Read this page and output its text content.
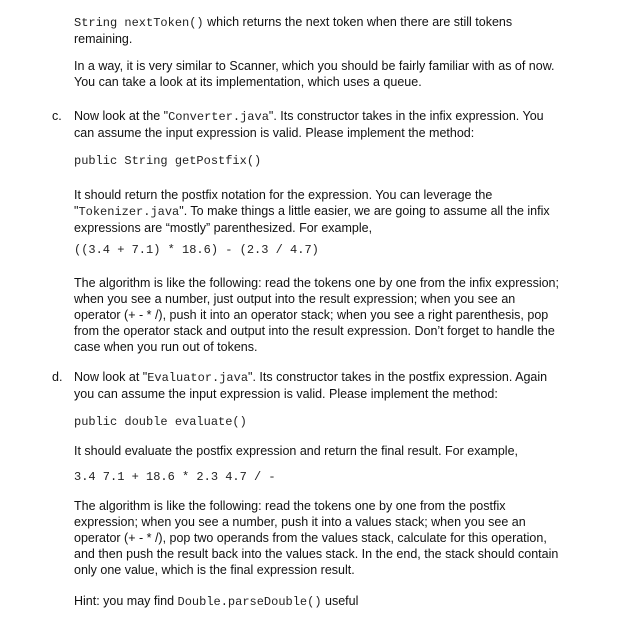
String nextToken() which returns the next token when there are still tokens remaining.

In a way, it is very similar to Scanner, which you should be fairly familiar with as of now. You can take a look at its implementation, which uses a queue.

c. Now look at the "Converter.java". Its constructor takes in the infix expression. You can assume the input expression is valid. Please implement the method:

public String getPostfix()

It should return the postfix notation for the expression. You can leverage the "Tokenizer.java". To make things a little easier, we are going to assume all the infix expressions are “mostly” parenthesized. For example,

((3.4 + 7.1) * 18.6) - (2.3 / 4.7)

The algorithm is like the following: read the tokens one by one from the infix expression; when you see a number, just output into the result expression; when you see an operator (+ - * /), push it into an operator stack; when you see a right parenthesis, pop from the operator stack and output into the result expression. Don’t forget to handle the case when you run out of tokens.

d. Now look at "Evaluator.java". Its constructor takes in the postfix expression. Again you can assume the input expression is valid. Please implement the method:

public double evaluate()

It should evaluate the postfix expression and return the final result. For example,

3.4 7.1 + 18.6 * 2.3 4.7 / -

The algorithm is like the following: read the tokens one by one from the postfix expression; when you see a number, push it into a values stack; when you see an operator (+ - * /), pop two operands from the values stack, calculate for this operation, and then push the result back into the values stack. In the end, the stack should contain only one value, which is the final expression result.

Hint: you may find Double.parseDouble() useful
